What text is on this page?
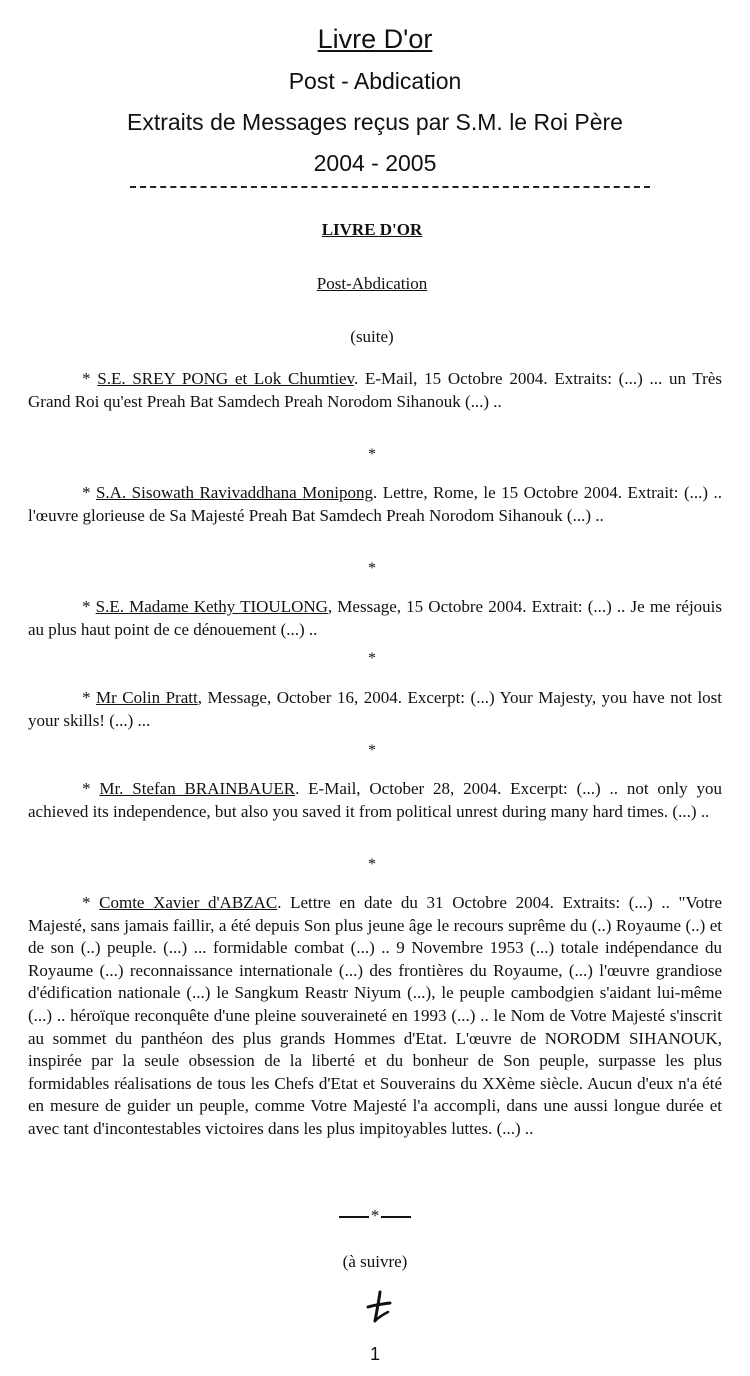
Livre D'or
Post - Abdication
Extraits de Messages reçus par S.M. le Roi Père
2004 - 2005
LIVRE D'OR
Post-Abdication
(suite)
* S.E. SREY PONG et Lok Chumtiev. E-Mail, 15 Octobre 2004. Extraits: (...) ... un Très Grand Roi qu'est Preah Bat Samdech Preah Norodom Sihanouk (...) ..
*
* S.A. Sisowath Ravivaddhana Monipong. Lettre, Rome, le 15 Octobre 2004. Extrait: (...) .. l'œuvre glorieuse de Sa Majesté Preah Bat Samdech Preah Norodom Sihanouk (...) ..
*
* S.E. Madame Kethy TIOULONG, Message, 15 Octobre 2004. Extrait: (...) .. Je me réjouis au plus haut point de ce dénouement (...) ..
*
* Mr Colin Pratt, Message, October 16, 2004. Excerpt: (...) Your Majesty, you have not lost your skills! (...) ...
*
* Mr. Stefan BRAINBAUER. E-Mail, October 28, 2004. Excerpt: (...) .. not only you achieved its independence, but also you saved it from political unrest during many hard times. (...) ..
*
* Comte Xavier d'ABZAC. Lettre en date du 31 Octobre 2004. Extraits: (...) .. "Votre Majesté, sans jamais faillir, a été depuis Son plus jeune âge le recours suprême du (..) Royaume (..) et de son (..) peuple. (...) ... formidable combat (...) .. 9 Novembre 1953 (...) totale indépendance du Royaume (...) reconnaissance internationale (...) des frontières du Royaume, (...) l'œuvre grandiose d'édification nationale (...) le Sangkum Reastr Niyum (...), le peuple cambodgien s'aidant lui-même (...) .. héroïque reconquête d'une pleine souveraineté en 1993 (...) .. le Nom de Votre Majesté s'inscrit au sommet du panthéon des plus grands Hommes d'Etat. L'œuvre de NORODM SIHANOUK, inspirée par la seule obsession de la liberté et du bonheur de Son peuple, surpasse les plus formidables réalisations de tous les Chefs d'Etat et Souverains du XXème siècle. Aucun d'eux n'a été en mesure de guider un peuple, comme Votre Majesté l'a accompli, dans une aussi longue durée et avec tant d'incontestables victoires dans les plus impitoyables luttes. (...) ..
*
(à suivre)
1
